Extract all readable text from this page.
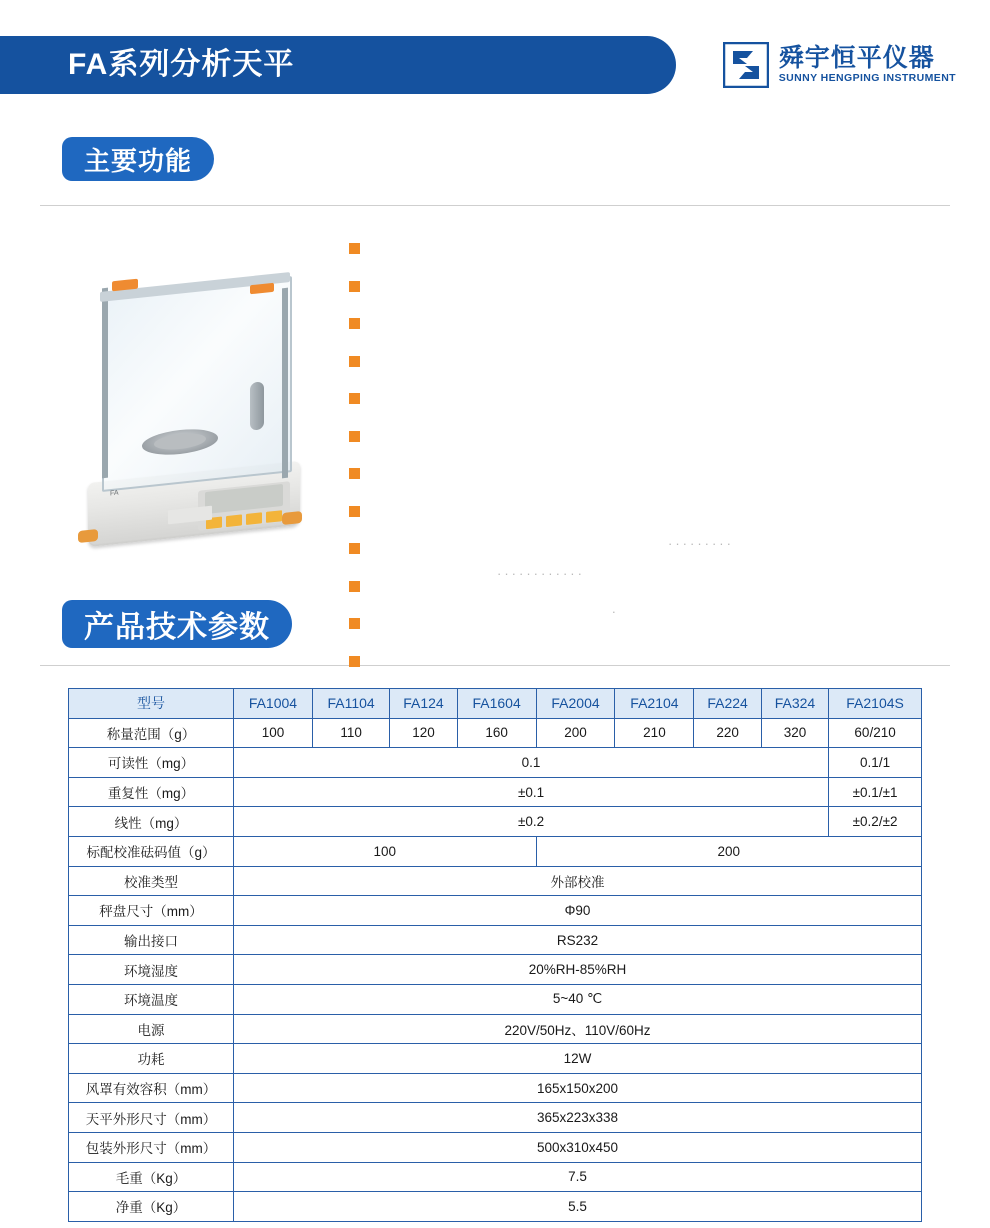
FA系列分析天平	舜宇恒平仪器
SUNNY HENGPING INSTRUMENT
主要功能
产品技术参数
FA
·········
············
.
型号	FA1004	FA1104	FA124	FA1604	FA2004	FA2104	FA224	FA324	FA2104S
称量范围（g）	100	110	120	160	200	210	220	320	60/210
可读性（mg）	0.1								0.1/1
重复性（mg）	±0.1								±0.1/±1
线性（mg）	±0.2								±0.2/±2
标配校准砝码值（g）	100				200				
校准类型	外部校准								
秤盘尺寸（mm）	Φ90								
输出接口	RS232								
环境湿度	20%RH-85%RH								
环境温度	5~40 ℃								
电源	220V/50Hz、110V/60Hz								
功耗	12W								
风罩有效容积（mm）	165x150x200								
天平外形尺寸（mm）	365x223x338								
包装外形尺寸（mm）	500x310x450								
毛重（Kg）	7.5								
净重（Kg）	5.5								
